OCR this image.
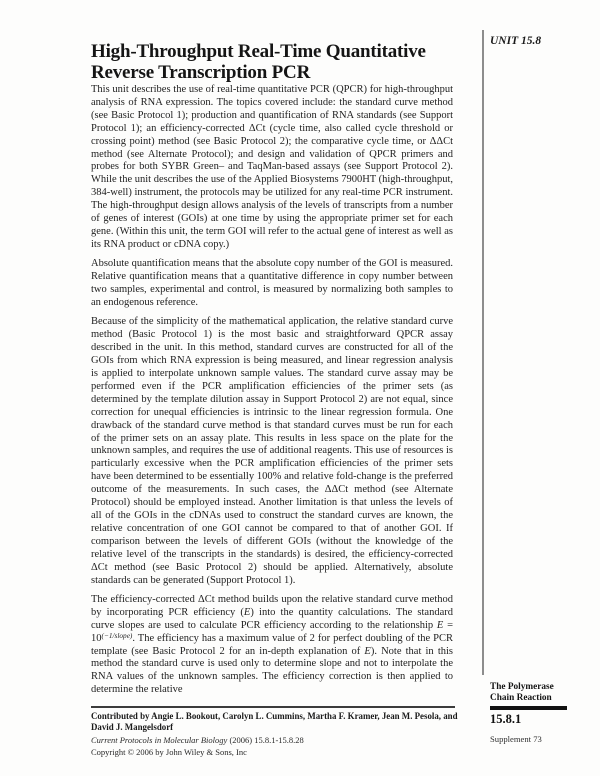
High-Throughput Real-Time Quantitative Reverse Transcription PCR
UNIT 15.8

This unit describes the use of real-time quantitative PCR (QPCR) for high-throughput analysis of RNA expression. The topics covered include: the standard curve method (see Basic Protocol 1); production and quantification of RNA standards (see Support Protocol 1); an efficiency-corrected ΔCt (cycle time, also called cycle threshold or crossing point) method (see Basic Protocol 2); the comparative cycle time, or ΔΔCt method (see Alternate Protocol); and design and validation of QPCR primers and probes for both SYBR Green– and TaqMan-based assays (see Support Protocol 2). While the unit describes the use of the Applied Biosystems 7900HT (high-throughput, 384-well) instrument, the protocols may be utilized for any real-time PCR instrument. The high-throughput design allows analysis of the levels of transcripts from a number of genes of interest (GOIs) at one time by using the appropriate primer set for each gene. (Within this unit, the term GOI will refer to the actual gene of interest as well as its RNA product or cDNA copy.)

Absolute quantification means that the absolute copy number of the GOI is measured. Relative quantification means that a quantitative difference in copy number between two samples, experimental and control, is measured by normalizing both samples to an endogenous reference.

Because of the simplicity of the mathematical application, the relative standard curve method (Basic Protocol 1) is the most basic and straightforward QPCR assay described in the unit. In this method, standard curves are constructed for all of the GOIs from which RNA expression is being measured, and linear regression analysis is applied to interpolate unknown sample values. The standard curve assay may be performed even if the PCR amplification efficiencies of the primer sets (as determined by the template dilution assay in Support Protocol 2) are not equal, since correction for unequal efficiencies is intrinsic to the linear regression formula. One drawback of the standard curve method is that standard curves must be run for each of the primer sets on an assay plate. This results in less space on the plate for the unknown samples, and requires the use of additional reagents. This use of resources is particularly excessive when the PCR amplification efficiencies of the primer sets have been determined to be essentially 100% and relative fold-change is the preferred outcome of the measurements. In such cases, the ΔΔCt method (see Alternate Protocol) should be employed instead. Another limitation is that unless the levels of all of the GOIs in the cDNAs used to construct the standard curves are known, the relative concentration of one GOI cannot be compared to that of another GOI. If comparison between the levels of different GOIs (without the knowledge of the relative level of the transcripts in the standards) is desired, the efficiency-corrected ΔCt method (see Basic Protocol 2) should be applied. Alternatively, absolute standards can be generated (Support Protocol 1).

The efficiency-corrected ΔCt method builds upon the relative standard curve method by incorporating PCR efficiency (E) into the quantity calculations. The standard curve slopes are used to calculate PCR efficiency according to the relationship $E = 10^{(-1/slope)}$. The efficiency has a maximum value of 2 for perfect doubling of the PCR template (see Basic Protocol 2 for an in-depth explanation of E). Note that in this method the standard curve is used only to determine slope and not to interpolate the RNA values of the unknown samples. The efficiency correction is then applied to determine the relative

Contributed by Angie L. Bookout, Carolyn L. Cummins, Martha F. Kramer, Jean M. Pesola, and
David J. Mangelsdorf
Current Protocols in Molecular Biology (2006) 15.8.1-15.8.28
Copyright © 2006 by John Wiley & Sons, Inc
The Polymerase
Chain Reaction
15.8.1
Supplement 73
